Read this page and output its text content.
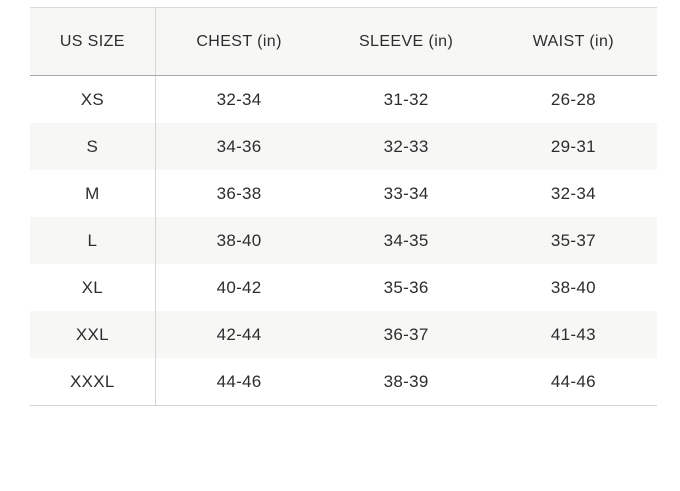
US SIZE	CHEST (in)	SLEEVE (in)	WAIST (in)
XS	32-34	31-32	26-28
S	34-36	32-33	29-31
M	36-38	33-34	32-34
L	38-40	34-35	35-37
XL	40-42	35-36	38-40
XXL	42-44	36-37	41-43
XXXL	44-46	38-39	44-46
